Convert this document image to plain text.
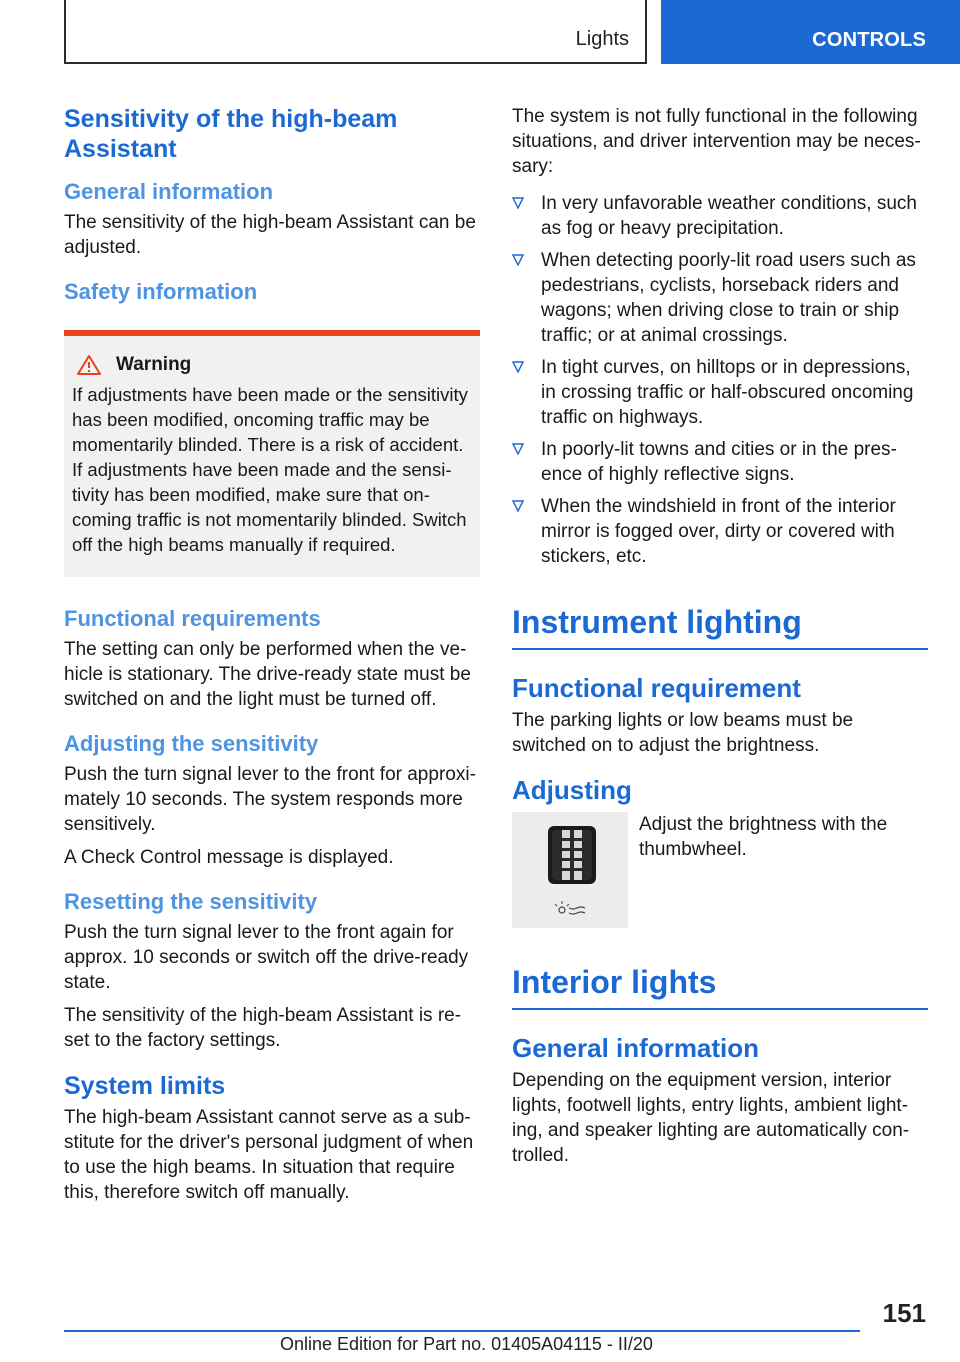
Lights	CONTROLS
Sensitivity of the high-beam Assistant
General information

The sensitivity of the high-beam Assistant can be adjusted.

Safety information
Warning

If adjustments have been made or the sensitivity has been modified, oncoming traffic may be momentarily blinded. There is a risk of accident. If adjustments have been made and the sensitivity has been modified, make sure that oncoming traffic is not momentarily blinded. Switch off the high beams manually if required.

Functional requirements

The setting can only be performed when the vehicle is stationary. The drive-ready state must be switched on and the light must be turned off.

Adjusting the sensitivity

Push the turn signal lever to the front for approximately 10 seconds. The system responds more sensitively.

A Check Control message is displayed.

Resetting the sensitivity

Push the turn signal lever to the front again for approx. 10 seconds or switch off the drive-ready state.

The sensitivity of the high-beam Assistant is reset to the factory settings.

System limits

The high-beam Assistant cannot serve as a substitute for the driver's personal judgment of when to use the high beams. In situation that require this, therefore switch off manually.

The system is not fully functional in the following situations, and driver intervention may be necessary:

In very unfavorable weather conditions, such as fog or heavy precipitation.
When detecting poorly-lit road users such as pedestrians, cyclists, horseback riders and wagons; when driving close to train or ship traffic; or at animal crossings.
In tight curves, on hilltops or in depressions, in crossing traffic or half-obscured oncoming traffic on highways.
In poorly-lit towns and cities or in the presence of highly reflective signs.
When the windshield in front of the interior mirror is fogged over, dirty or covered with stickers, etc.
Instrument lighting
Functional requirement

The parking lights or low beams must be switched on to adjust the brightness.

Adjusting

Adjust the brightness with the thumbwheel.

Interior lights
General information

Depending on the equipment version, interior lights, footwell lights, entry lights, ambient lighting, and speaker lighting are automatically controlled.

151
Online Edition for Part no. 01405A04115 - II/20
